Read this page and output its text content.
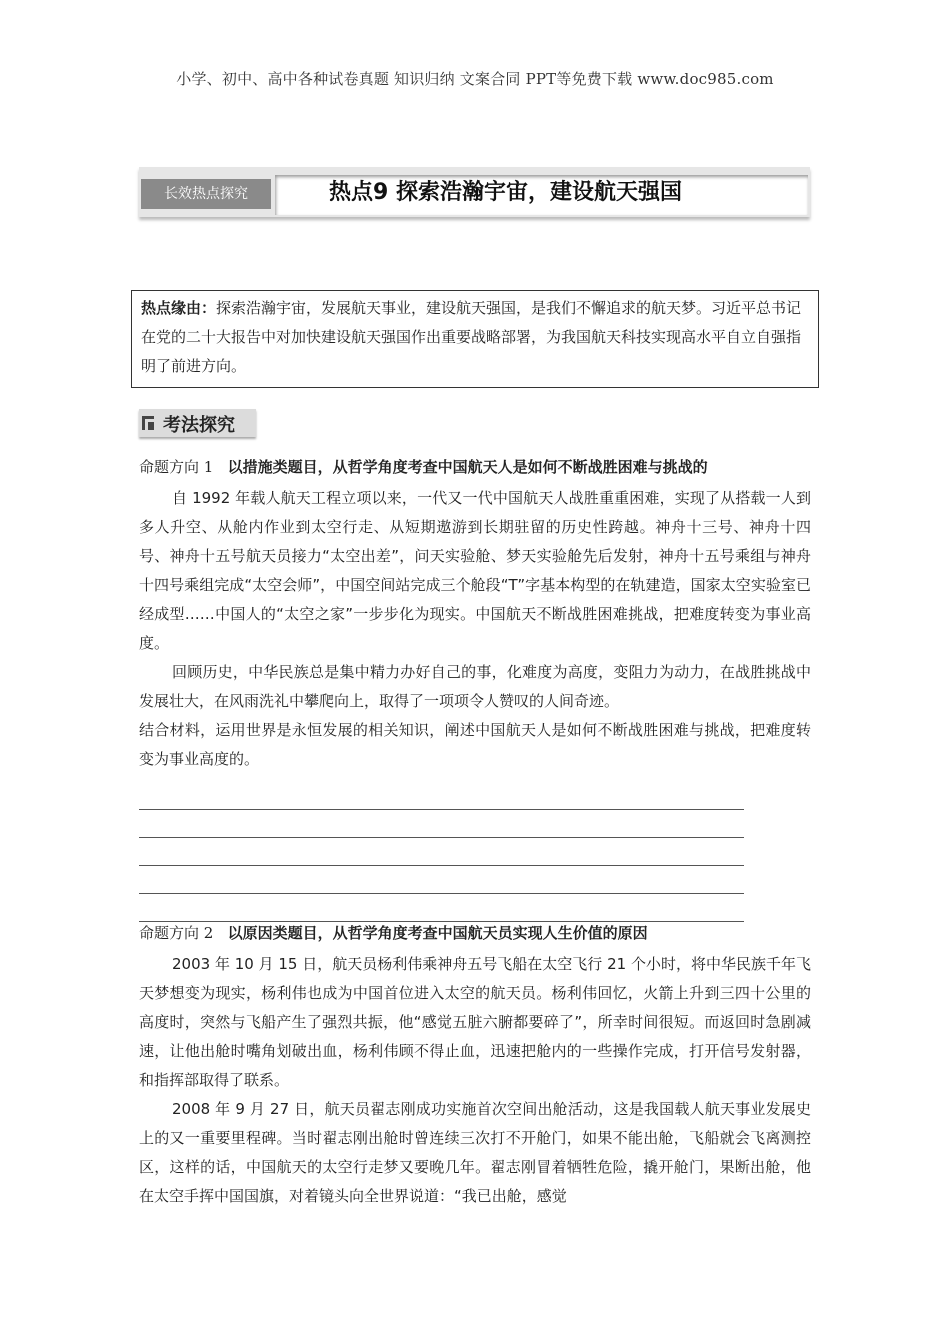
小学、初中、高中各种试卷真题 知识归纳 文案合同 PPT等免费下载 www.doc985.com
长效热点探究	热点9 探索浩瀚宇宙，建设航天强国
热点缘由：探索浩瀚宇宙，发展航天事业，建设航天强国，是我们不懈追求的航天梦。习近平总书记在党的二十大报告中对加快建设航天强国作出重要战略部署，为我国航天科技实现高水平自立自强指明了前进方向。
考法探究
命题方向 1 以措施类题目，从哲学角度考查中国航天人是如何不断战胜困难与挑战的

自 1992 年载人航天工程立项以来，一代又一代中国航天人战胜重重困难，实现了从搭载一人到多人升空、从舱内作业到太空行走、从短期遨游到长期驻留的历史性跨越。神舟十三号、神舟十四号、神舟十五号航天员接力“太空出差”，问天实验舱、梦天实验舱先后发射，神舟十五号乘组与神舟十四号乘组完成“太空会师”，中国空间站完成三个舱段“T”字基本构型的在轨建造，国家太空实验室已经成型……中国人的“太空之家”一步步化为现实。中国航天不断战胜困难挑战，把难度转变为事业高度。

回顾历史，中华民族总是集中精力办好自己的事，化难度为高度，变阻力为动力，在战胜挑战中发展壮大，在风雨洗礼中攀爬向上，取得了一项项令人赞叹的人间奇迹。

结合材料，运用世界是永恒发展的相关知识，阐述中国航天人是如何不断战胜困难与挑战，把难度转变为事业高度的。

命题方向 2 以原因类题目，从哲学角度考查中国航天员实现人生价值的原因

2003 年 10 月 15 日，航天员杨利伟乘神舟五号飞船在太空飞行 21 个小时，将中华民族千年飞天梦想变为现实，杨利伟也成为中国首位进入太空的航天员。杨利伟回忆，火箭上升到三四十公里的高度时，突然与飞船产生了强烈共振，他“感觉五脏六腑都要碎了”，所幸时间很短。而返回时急剧减速，让他出舱时嘴角划破出血，杨利伟顾不得止血，迅速把舱内的一些操作完成，打开信号发射器，和指挥部取得了联系。

2008 年 9 月 27 日，航天员翟志刚成功实施首次空间出舱活动，这是我国载人航天事业发展史上的又一重要里程碑。当时翟志刚出舱时曾连续三次打不开舱门，如果不能出舱，飞船就会飞离测控区，这样的话，中国航天的太空行走梦又要晚几年。翟志刚冒着牺牲危险，撬开舱门，果断出舱，他在太空手挥中国国旗，对着镜头向全世界说道：“我已出舱，感觉
